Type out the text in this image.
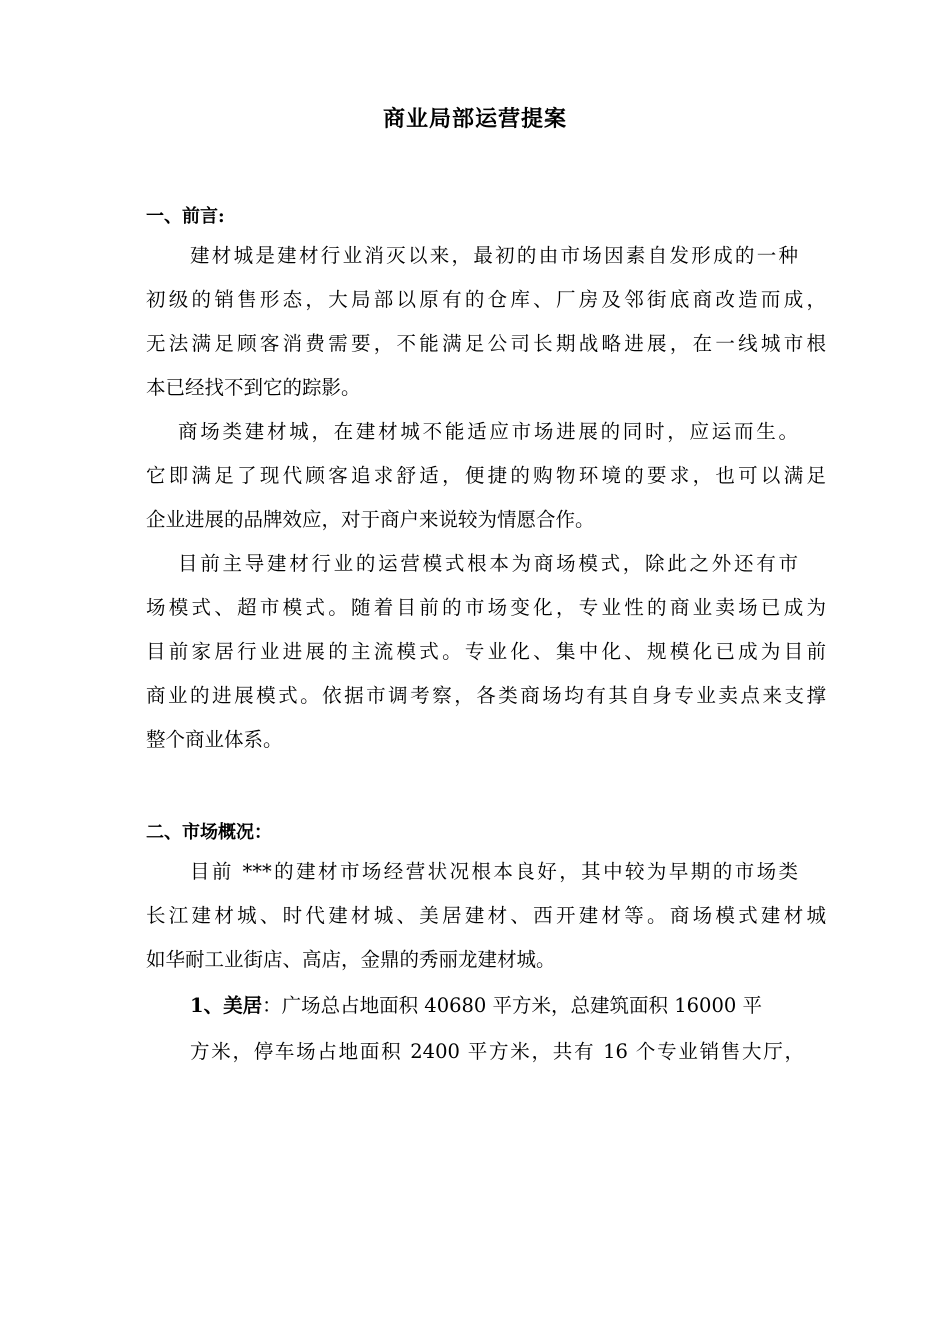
商业局部运营提案
一、前言:
建材城是建材行业消灭以来，最初的由市场因素自发形成的一种
初级的销售形态，大局部以原有的仓库、厂房及邻街底商改造而成，
无法满足顾客消费需要，不能满足公司长期战略进展，在一线城市根
本已经找不到它的踪影。
商场类建材城，在建材城不能适应市场进展的同时，应运而生。
它即满足了现代顾客追求舒适，便捷的购物环境的要求，也可以满足
企业进展的品牌效应，对于商户来说较为情愿合作。
目前主导建材行业的运营模式根本为商场模式，除此之外还有市
场模式、超市模式。随着目前的市场变化，专业性的商业卖场已成为
目前家居行业进展的主流模式。专业化、集中化、规模化已成为目前
商业的进展模式。依据市调考察，各类商场均有其自身专业卖点来支撑
整个商业体系。
二、市场概况：
目前 ***的建材市场经营状况根本良好，其中较为早期的市场类
长江建材城、时代建材城、美居建材、西开建材等。商场模式建材城
如华耐工业街店、高店，金鼎的秀丽龙建材城。
1、美居：广场总占地面积 40680 平方米，总建筑面积 16000 平
方米，停车场占地面积 2400 平方米，共有 16 个专业销售大厅，
